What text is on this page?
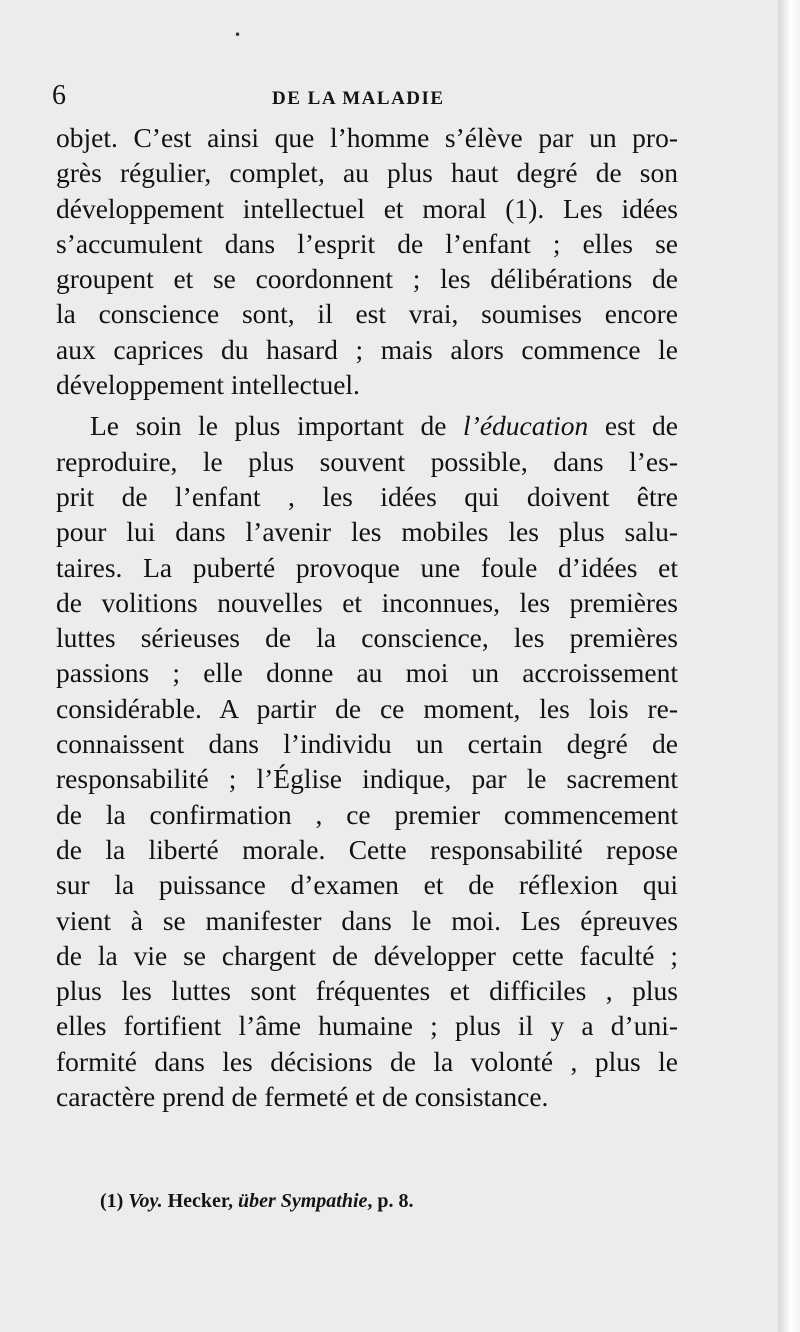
•
6	DE LA MALADIE
objet. C’est ainsi que l’homme s’élève par un pro-
grès régulier, complet, au plus haut degré de son
développement intellectuel et moral (1). Les idées
s’accumulent dans l’esprit de l’enfant ; elles se
groupent et se coordonnent ; les délibérations de
la conscience sont, il est vrai, soumises encore
aux caprices du hasard ; mais alors commence le
développement intellectuel.
Le soin le plus important de l’éducation est de
reproduire, le plus souvent possible, dans l’es-
prit de l’enfant , les idées qui doivent être
pour lui dans l’avenir les mobiles les plus salu-
taires. La puberté provoque une foule d’idées et
de volitions nouvelles et inconnues, les premières
luttes sérieuses de la conscience, les premières
passions ; elle donne au moi un accroissement
considérable. A partir de ce moment, les lois re-
connaissent dans l’individu un certain degré de
responsabilité ; l’Église indique, par le sacrement
de la confirmation , ce premier commencement
de la liberté morale. Cette responsabilité repose
sur la puissance d’examen et de réflexion qui
vient à se manifester dans le moi. Les épreuves
de la vie se chargent de développer cette faculté ;
plus les luttes sont fréquentes et difficiles , plus
elles fortifient l’âme humaine ; plus il y a d’uni-
formité dans les décisions de la volonté , plus le
caractère prend de fermeté et de consistance.
(1) Voy. Hecker, über Sympathie, p. 8.
